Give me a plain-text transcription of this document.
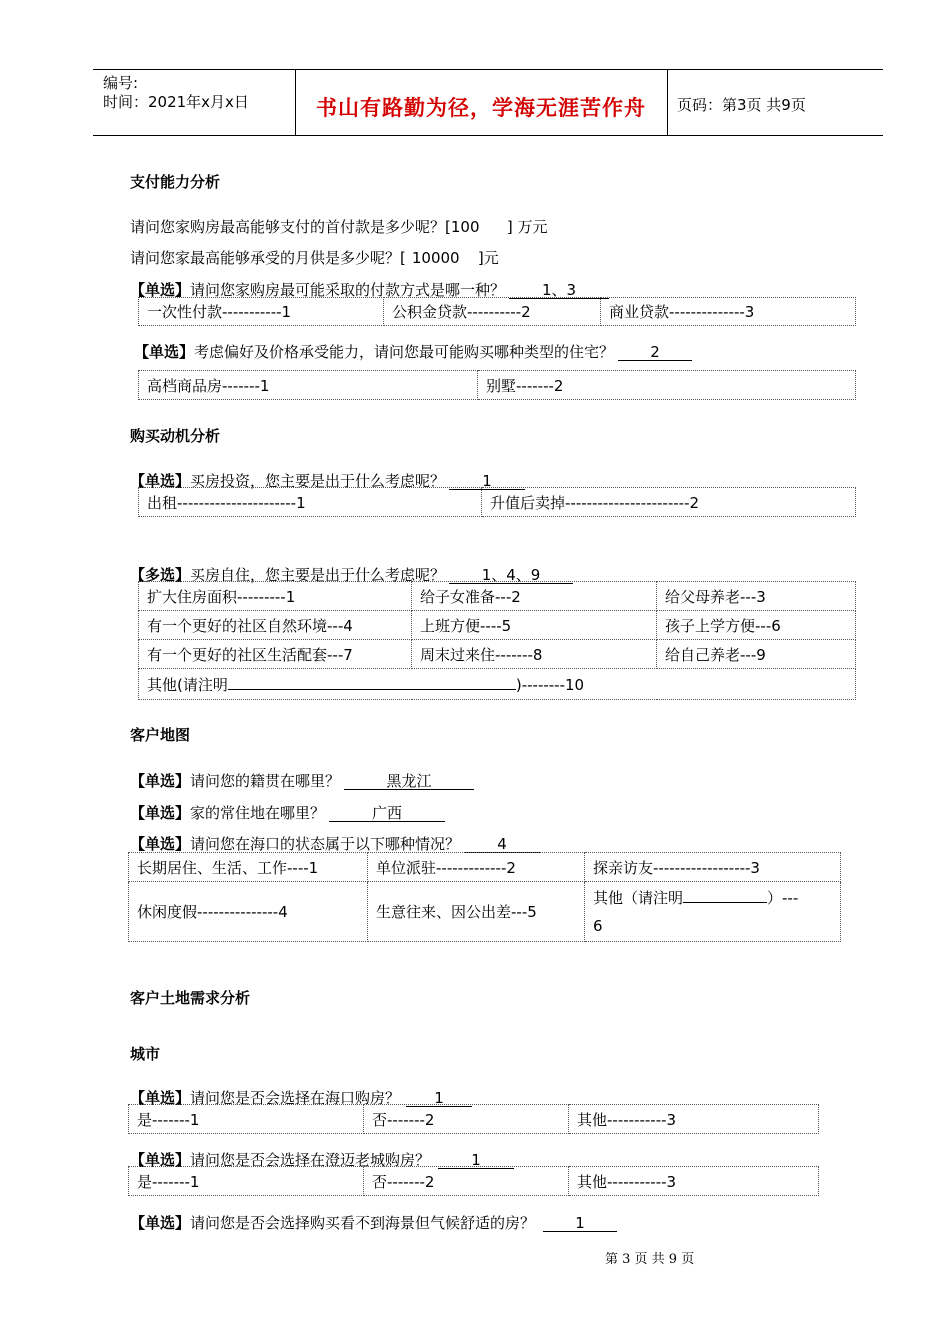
编号:
时间：2021年x月x日	书山有路勤为径，学海无涯苦作舟 页码：第3页 共9页
支付能力分析
请问您家购房最高能够支付的首付款是多少呢？[100 ] 万元
请问您家最高能够承受的月供是多少呢？[ 10000 ]元
【单选】请问您家购房最可能采取的付款方式是哪一种？ 1、3
一次性付款-----------1	公积金贷款----------2	商业贷款--------------3
【单选】考虑偏好及价格承受能力，请问您最可能购买哪种类型的住宅？ 2
高档商品房-------1	别墅-------2
购买动机分析
【单选】买房投资，您主要是出于什么考虑呢？ 1
出租----------------------1	升值后卖掉-----------------------2
【多选】买房自住，您主要是出于什么考虑呢？ 1、4、9
扩大住房面积---------1	给子女准备---2	给父母养老---3
有一个更好的社区自然环境---4	上班方便----5	孩子上学方便---6
有一个更好的社区生活配套---7	周末过来住-------8	给自己养老---9
其他(请注明 )--------10		
客户地图
【单选】请问您的籍贯在哪里？	黑龙江
【单选】家的常住地在哪里？	广西
【单选】请问您在海口的状态属于以下哪种情况？ 4
长期居住、生活、工作----1	单位派驻-------------2	探亲访友------------------3
休闲度假---------------4	生意往来、因公出差---5	其他（请注明 ）---
6
客户土地需求分析
城市
【单选】请问您是否会选择在海口购房？ 1
是-------1	否-------2	其他-----------3
【单选】请问您是否会选择在澄迈老城购房？	1
是-------1	否-------2	其他-----------3
【单选】请问您是否会选择购买看不到海景但气候舒适的房？	1
第 3 页 共 9 页
